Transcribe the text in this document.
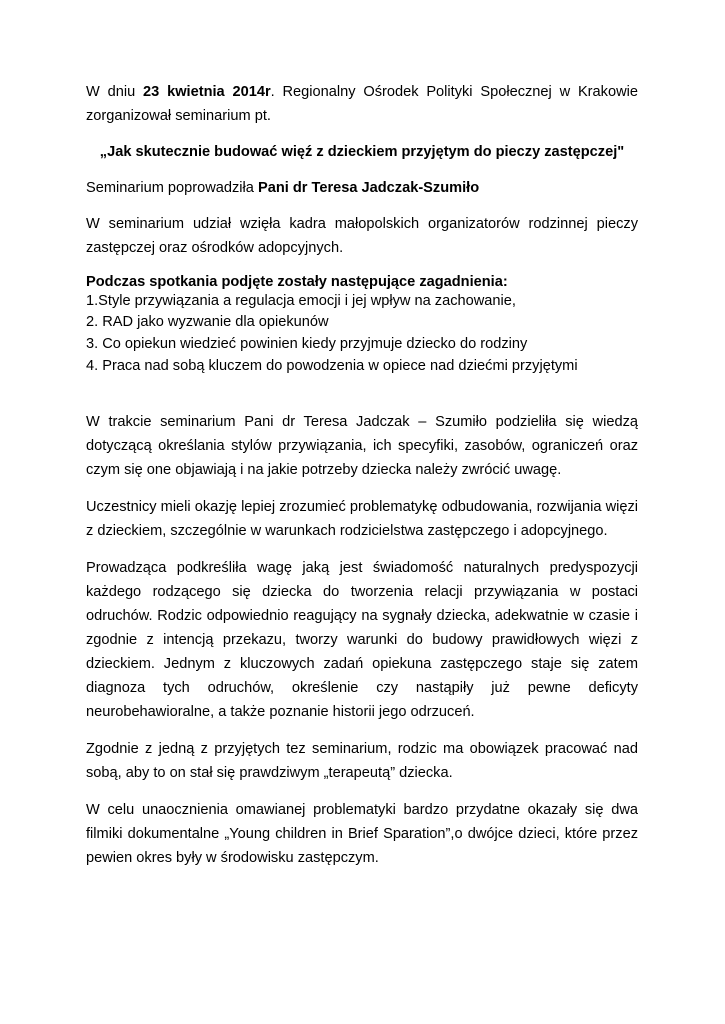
W dniu 23 kwietnia 2014r. Regionalny Ośrodek Polityki Społecznej w Krakowie zorganizował seminarium pt.

„Jak skutecznie budować więź z dzieckiem przyjętym do pieczy zastępczej"

Seminarium poprowadziła Pani dr Teresa Jadczak-Szumiło

W seminarium udział wzięła kadra małopolskich organizatorów rodzinnej pieczy zastępczej oraz ośrodków adopcyjnych.

Podczas spotkania podjęte zostały następujące zagadnienia:

1.Style przywiązania a regulacja emocji i jej wpływ na zachowanie,

2. RAD jako wyzwanie dla opiekunów

3. Co opiekun wiedzieć powinien kiedy przyjmuje dziecko do rodziny

4. Praca nad sobą kluczem do powodzenia w opiece nad dziećmi przyjętymi

W trakcie seminarium Pani dr Teresa Jadczak – Szumiło podzieliła się wiedzą dotyczącą określania stylów przywiązania, ich specyfiki, zasobów, ograniczeń oraz czym się one objawiają i na jakie potrzeby dziecka należy zwrócić uwagę.

Uczestnicy mieli okazję lepiej zrozumieć problematykę odbudowania, rozwijania więzi z dzieckiem, szczególnie w warunkach rodzicielstwa zastępczego i adopcyjnego.

Prowadząca podkreśliła wagę jaką jest świadomość naturalnych predyspozycji każdego rodzącego się dziecka do tworzenia relacji przywiązania w postaci odruchów. Rodzic odpowiednio reagujący na sygnały dziecka, adekwatnie w czasie i zgodnie z intencją przekazu, tworzy warunki do budowy prawidłowych więzi z dzieckiem. Jednym z kluczowych zadań opiekuna zastępczego staje się zatem diagnoza tych odruchów, określenie czy nastąpiły już pewne deficyty neurobehawioralne, a także poznanie historii jego odrzuceń.

Zgodnie z jedną z przyjętych tez seminarium, rodzic ma obowiązek pracować nad sobą, aby to on stał się prawdziwym „terapeutą” dziecka.

W celu unaocznienia omawianej problematyki bardzo przydatne okazały się dwa filmiki dokumentalne „Young children in Brief Sparation”,o dwójce dzieci, które przez pewien okres były w środowisku zastępczym.
